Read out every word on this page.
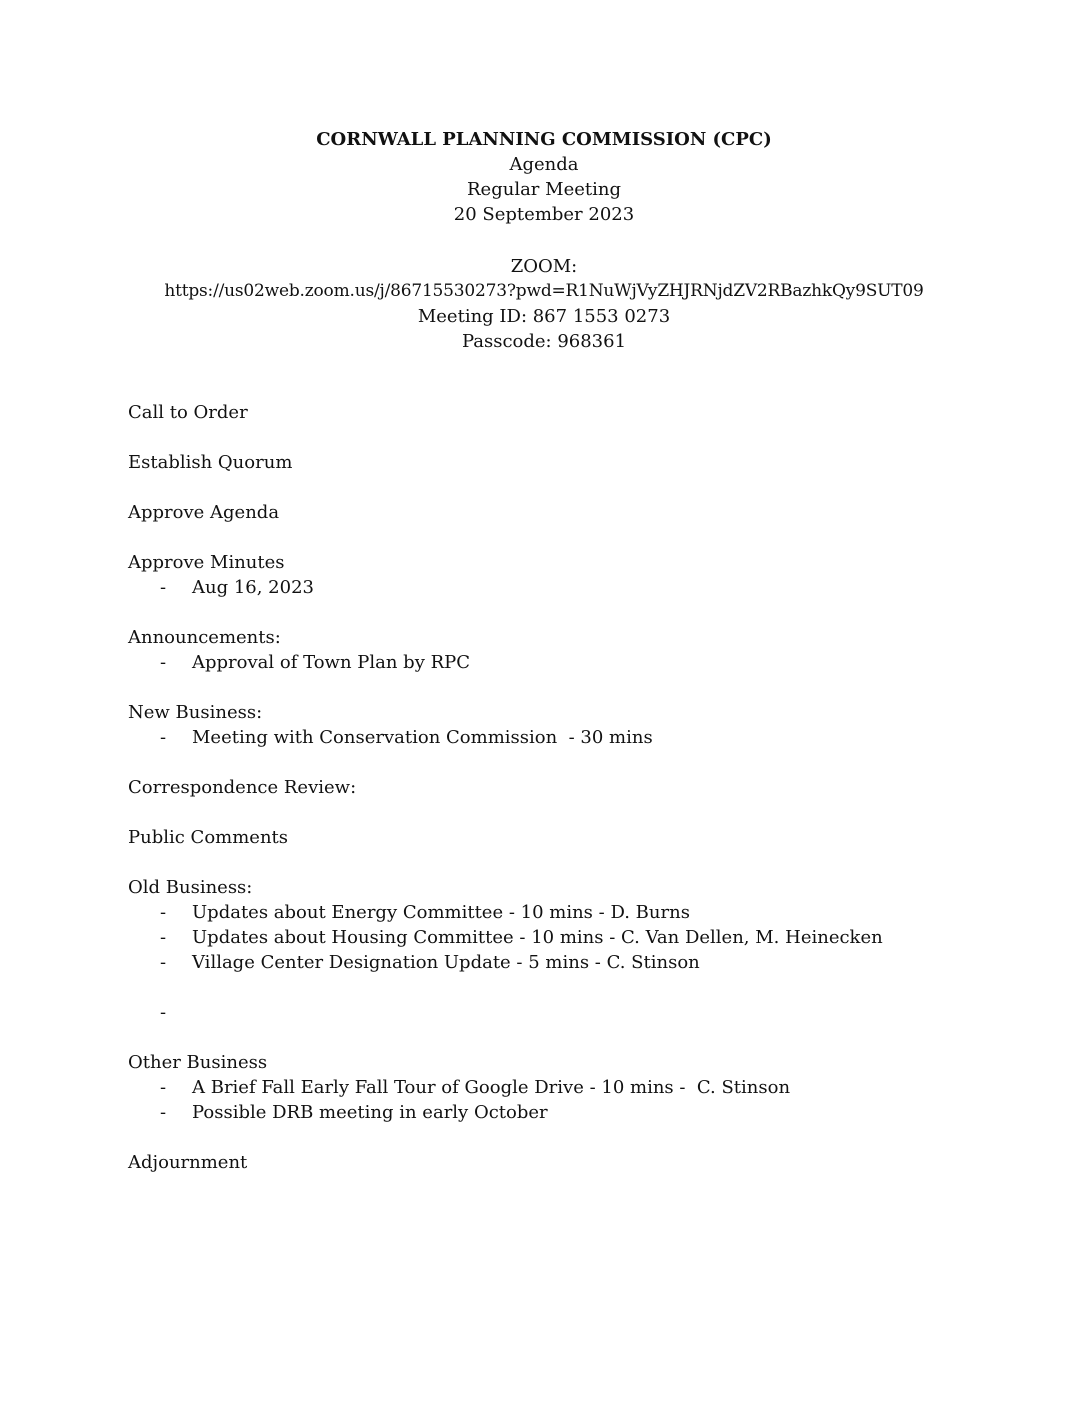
CORNWALL PLANNING COMMISSION (CPC)
Agenda
Regular Meeting
20 September 2023
ZOOM:
https://us02web.zoom.us/j/86715530273?pwd=R1NuWjVyZHJRNjdZV2RBazhkQy9SUT09
Meeting ID: 867 1553 0273
Passcode: 968361
Call to Order
Establish Quorum
Approve Agenda
Approve Minutes
- Aug 16, 2023
Announcements:
- Approval of Town Plan by RPC
New Business:
- Meeting with Conservation Commission  - 30 mins
Correspondence Review:
Public Comments
Old Business:
- Updates about Energy Committee - 10 mins - D. Burns
- Updates about Housing Committee - 10 mins - C. Van Dellen, M. Heinecken
- Village Center Designation Update - 5 mins - C. Stinson
-
Other Business
- A Brief Fall Early Fall Tour of Google Drive - 10 mins -  C. Stinson
- Possible DRB meeting in early October
Adjournment
